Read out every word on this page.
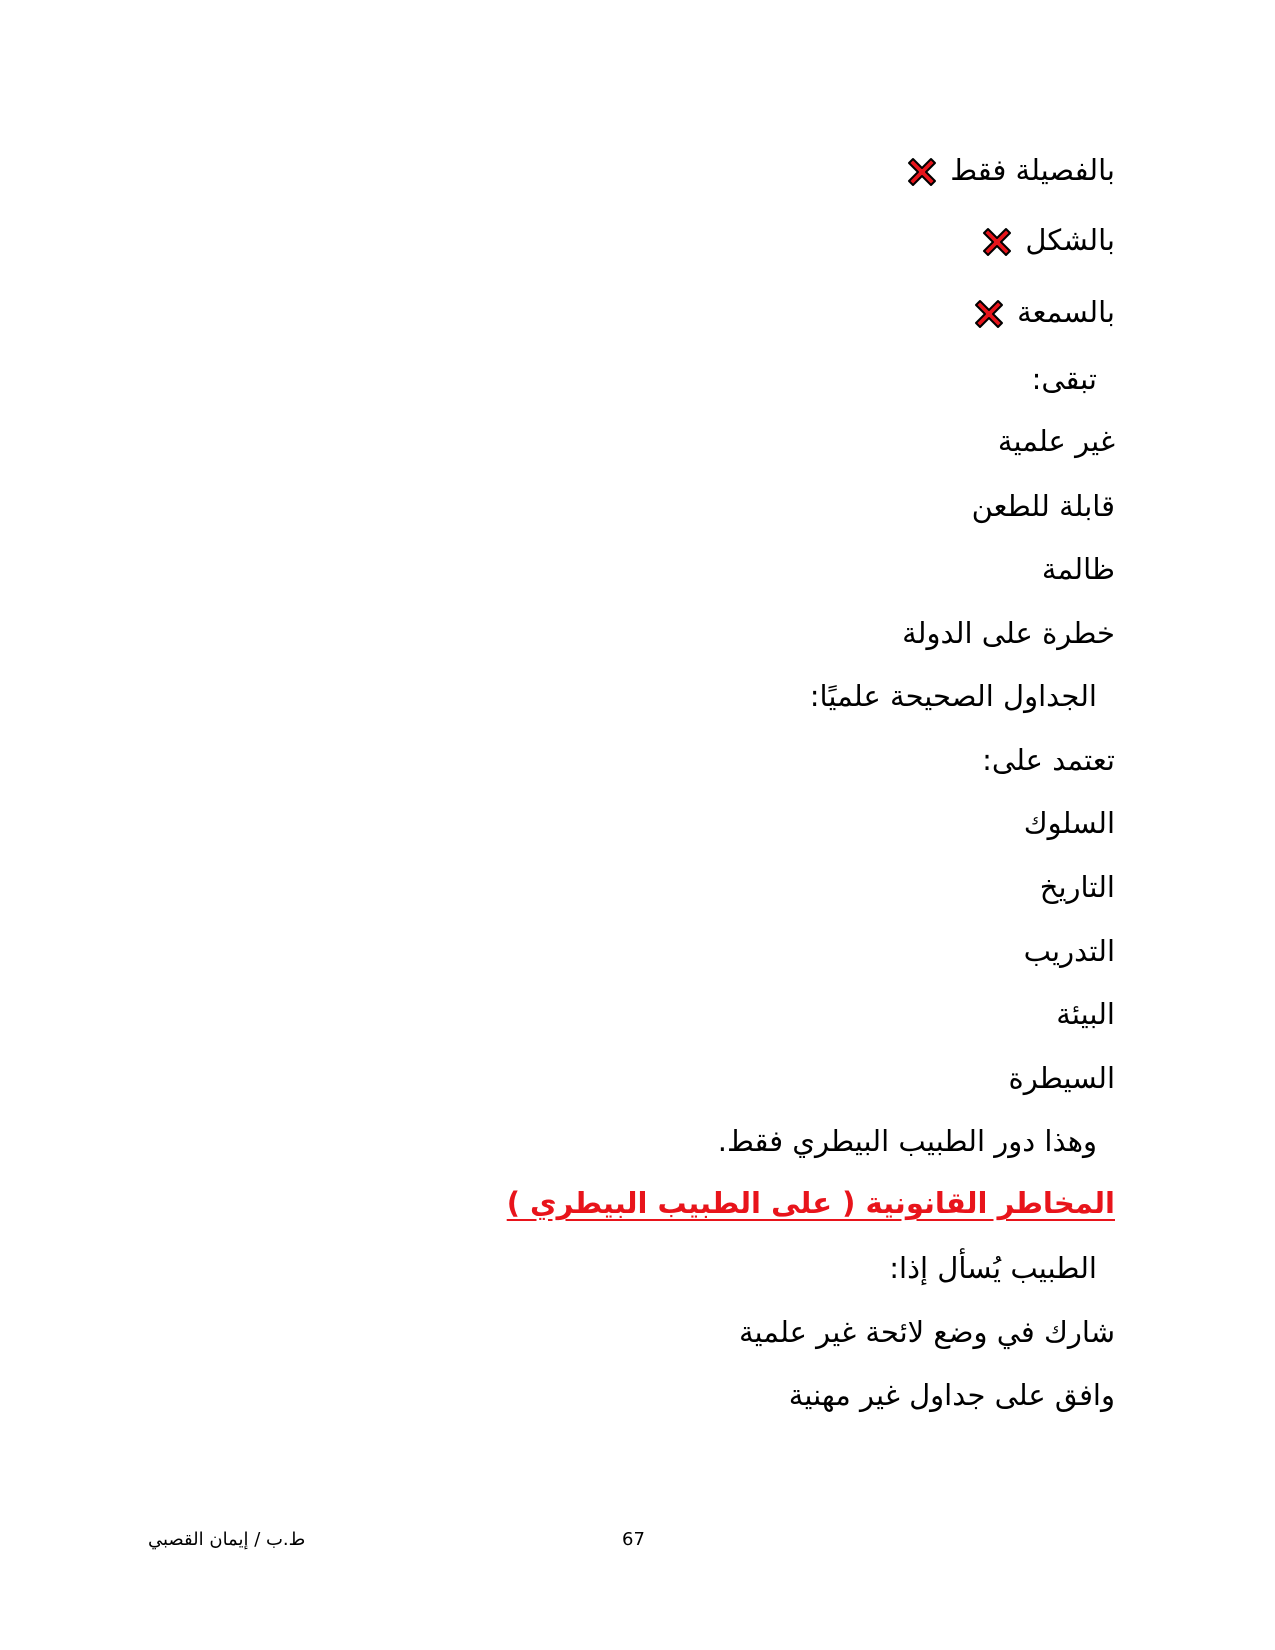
بالفصيلة فقط
بالشكل
بالسمعة
تبقى:
غير علمية
قابلة للطعن
ظالمة
خطرة على الدولة
الجداول الصحيحة علميًا:
تعتمد على:
السلوك
التاريخ
التدريب
البيئة
السيطرة
وهذا دور الطبيب البيطري فقط.
المخاطر القانونية ( على الطبيب البيطري )
الطبيب يُسأل إذا:
شارك في وضع لائحة غير علمية
وافق على جداول غير مهنية
ط.ب / إيمان القصبي	67
